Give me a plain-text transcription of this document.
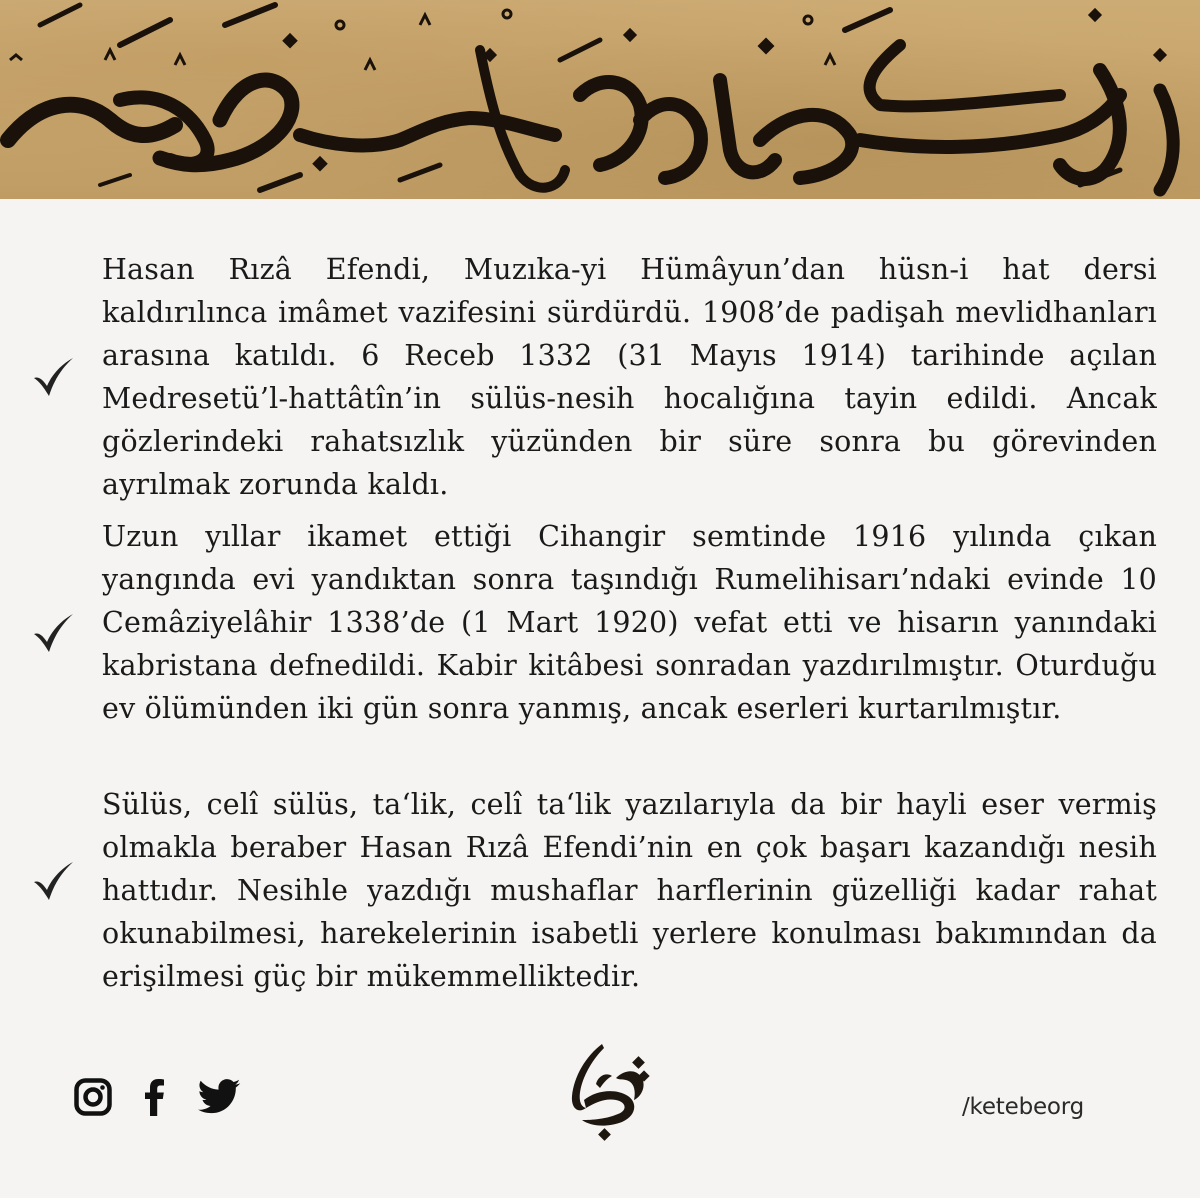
Hasan Rızâ Efendi, Muzıka-yi Hümâyun’dan hüsn-i hat dersi kaldırılınca imâmet vazifesini sürdürdü. 1908’de padişah mevlidhanları arasına katıldı. 6 Receb 1332 (31 Mayıs 1914) tarihinde açılan Medresetü’l-hattâtîn’in sülüs-nesih hocalığına tayin edildi. Ancak gözlerindeki rahatsızlık yüzünden bir süre sonra bu görevinden ayrılmak zorunda kaldı.

Uzun yıllar ikamet ettiği Cihangir semtinde 1916 yılında çıkan yangında evi yandıktan sonra taşındığı Rumelihisarı’ndaki evinde 10 Cemâziyelâhir 1338’de (1 Mart 1920) vefat etti ve hisarın yanındaki kabristana defnedildi. Kabir kitâbesi sonradan yazdırılmıştır. Oturduğu ev ölümünden iki gün sonra yanmış, ancak eserleri kurtarılmıştır.

Sülüs, celî sülüs, ta‘lik, celî ta‘lik yazılarıyla da bir hayli eser vermiş olmakla beraber Hasan Rızâ Efendi’nin en çok başarı kazandığı nesih hattıdır. Nesihle yazdığı mushaflar harflerinin güzelliği kadar rahat okunabilmesi, harekelerinin isabetli yerlere konulması bakımından da erişilmesi güç bir mükemmelliktedir.

/ketebeorg
